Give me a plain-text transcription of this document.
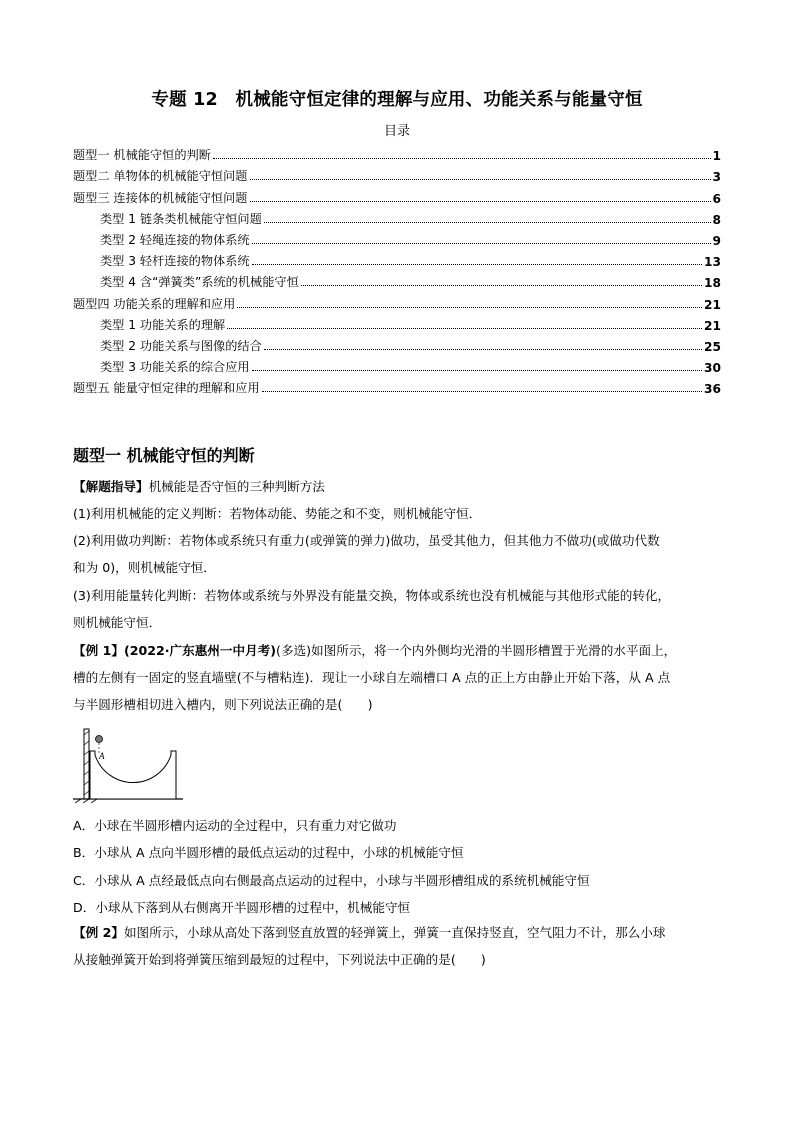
专题 12　机械能守恒定律的理解与应用、功能关系与能量守恒
目录
题型一 机械能守恒的判断	1
题型二 单物体的机械能守恒问题	3
题型三 连接体的机械能守恒问题	6
类型 1 链条类机械能守恒问题	8
类型 2 轻绳连接的物体系统	9
类型 3 轻杆连接的物体系统	13
类型 4 含“弹簧类”系统的机械能守恒	18
题型四 功能关系的理解和应用	21
类型 1 功能关系的理解	21
类型 2 功能关系与图像的结合	25
类型 3 功能关系的综合应用	30
题型五 能量守恒定律的理解和应用	36
题型一 机械能守恒的判断
【解题指导】机械能是否守恒的三种判断方法
(1)利用机械能的定义判断：若物体动能、势能之和不变，则机械能守恒．
(2)利用做功判断：若物体或系统只有重力(或弹簧的弹力)做功，虽受其他力，但其他力不做功(或做功代数
和为 0)，则机械能守恒．
(3)利用能量转化判断：若物体或系统与外界没有能量交换，物体或系统也没有机械能与其他形式能的转化，
则机械能守恒．
【例 1】(2022·广东惠州一中月考)(多选)如图所示，将一个内外侧均光滑的半圆形槽置于光滑的水平面上，
槽的左侧有一固定的竖直墙壁(不与槽粘连)．现让一小球自左端槽口 A 点的正上方由静止开始下落，从 A 点
与半圆形槽相切进入槽内，则下列说法正确的是(　　)
A
A．小球在半圆形槽内运动的全过程中，只有重力对它做功
B．小球从 A 点向半圆形槽的最低点运动的过程中，小球的机械能守恒
C．小球从 A 点经最低点向右侧最高点运动的过程中，小球与半圆形槽组成的系统机械能守恒
D．小球从下落到从右侧离开半圆形槽的过程中，机械能守恒
【例 2】如图所示，小球从高处下落到竖直放置的轻弹簧上，弹簧一直保持竖直，空气阻力不计，那么小球
从接触弹簧开始到将弹簧压缩到最短的过程中，下列说法中正确的是(　　)
